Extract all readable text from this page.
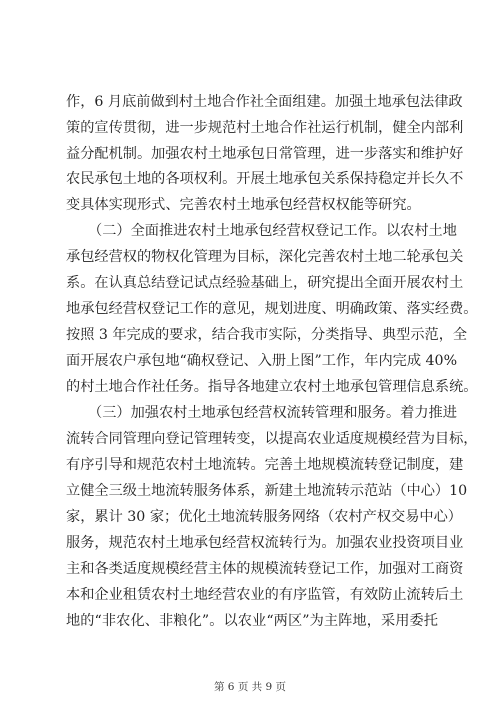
作，6 月底前做到村土地合作社全面组建。加强土地承包法律政
策的宣传贯彻，进一步规范村土地合作社运行机制，健全内部利
益分配机制。加强农村土地承包日常管理，进一步落实和维护好
农民承包土地的各项权利。开展土地承包关系保持稳定并长久不
变具体实现形式、完善农村土地承包经营权权能等研究。
（二）全面推进农村土地承包经营权登记工作。以农村土地
承包经营权的物权化管理为目标，深化完善农村土地二轮承包关
系。在认真总结登记试点经验基础上，研究提出全面开展农村土
地承包经营权登记工作的意见，规划进度、明确政策、落实经费。
按照 3 年完成的要求，结合我市实际，分类指导、典型示范，全
面开展农户承包地“确权登记、入册上图”工作，年内完成 40%
的村土地合作社任务。指导各地建立农村土地承包管理信息系统。
（三）加强农村土地承包经营权流转管理和服务。着力推进
流转合同管理向登记管理转变，以提高农业适度规模经营为目标，
有序引导和规范农村土地流转。完善土地规模流转登记制度，建
立健全三级土地流转服务体系，新建土地流转示范站（中心）10
家，累计 30 家；优化土地流转服务网络（农村产权交易中心）
服务，规范农村土地承包经营权流转行为。加强农业投资项目业
主和各类适度规模经营主体的规模流转登记工作，加强对工商资
本和企业租赁农村土地经营农业的有序监管，有效防止流转后土
地的“非农化、非粮化”。以农业“两区”为主阵地，采用委托
第 6 页 共 9 页
